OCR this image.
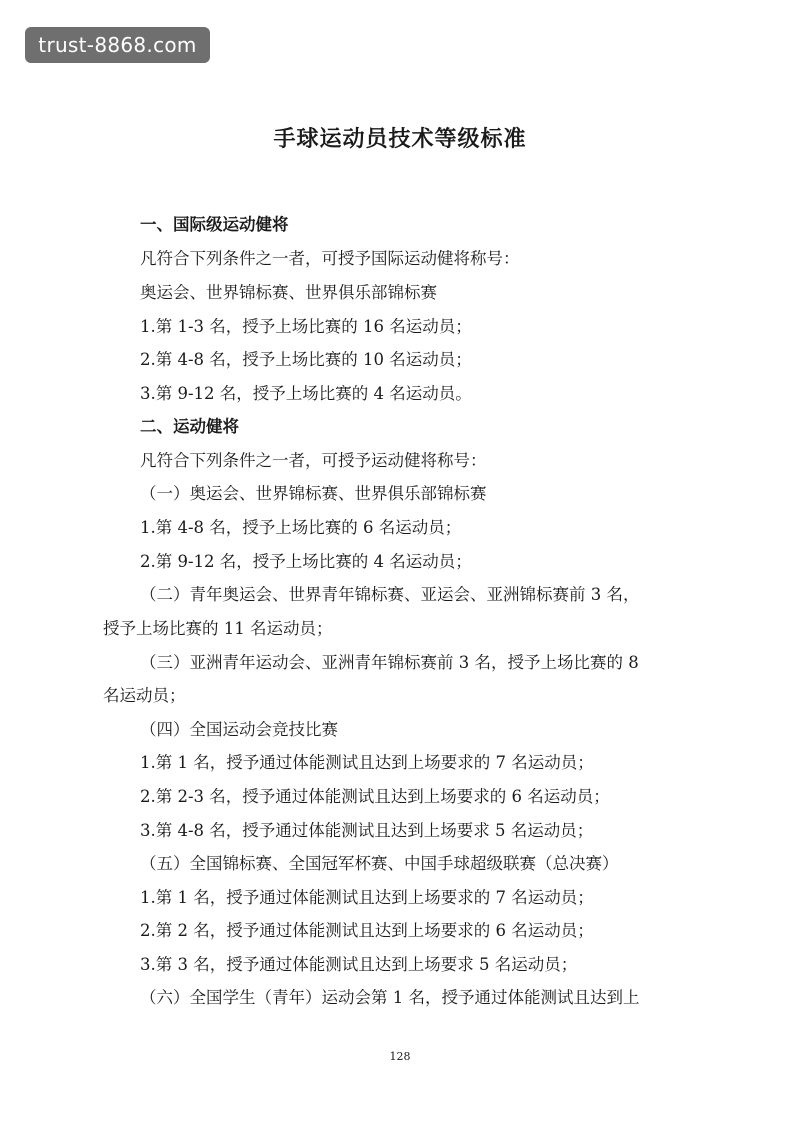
trust-8868.com
手球运动员技术等级标准
一、国际级运动健将
凡符合下列条件之一者，可授予国际运动健将称号：
奥运会、世界锦标赛、世界俱乐部锦标赛
1.第 1-3 名，授予上场比赛的 16 名运动员；
2.第 4-8 名，授予上场比赛的 10 名运动员；
3.第 9-12 名，授予上场比赛的 4 名运动员。
二、运动健将
凡符合下列条件之一者，可授予运动健将称号：
（一）奥运会、世界锦标赛、世界俱乐部锦标赛
1.第 4-8 名，授予上场比赛的 6 名运动员；
2.第 9-12 名，授予上场比赛的 4 名运动员；
（二）青年奥运会、世界青年锦标赛、亚运会、亚洲锦标赛前 3 名，
授予上场比赛的 11 名运动员；
（三）亚洲青年运动会、亚洲青年锦标赛前 3 名，授予上场比赛的 8
名运动员；
（四）全国运动会竞技比赛
1.第 1 名，授予通过体能测试且达到上场要求的 7 名运动员；
2.第 2-3 名，授予通过体能测试且达到上场要求的 6 名运动员；
3.第 4-8 名，授予通过体能测试且达到上场要求 5 名运动员；
（五）全国锦标赛、全国冠军杯赛、中国手球超级联赛（总决赛）
1.第 1 名，授予通过体能测试且达到上场要求的 7 名运动员；
2.第 2 名，授予通过体能测试且达到上场要求的 6 名运动员；
3.第 3 名，授予通过体能测试且达到上场要求 5 名运动员；
（六）全国学生（青年）运动会第 1 名，授予通过体能测试且达到上
128
